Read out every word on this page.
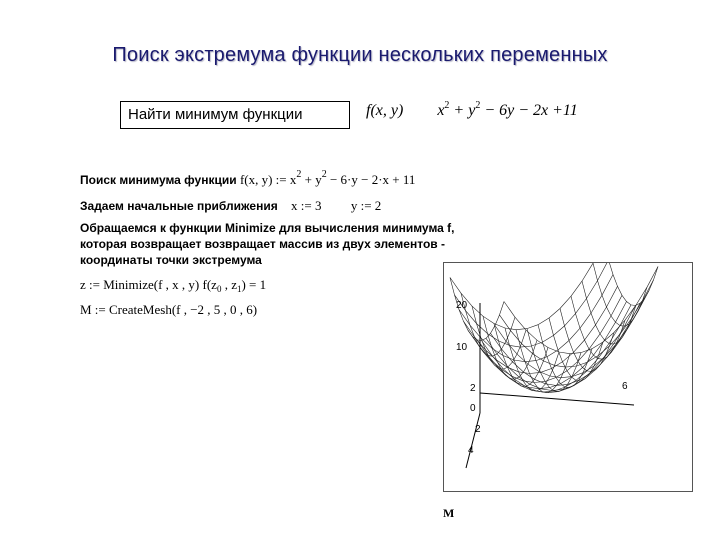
Поиск экстремума функции нескольких переменных
Найти минимум функции	f(x, y) $x^2 + y^2 - 6y - 2x +11$
Поиск минимума функции f(x, y) := $x^2 + y^2 - 6\cdot y - 2\cdot x + 11$
Задаем начальные приближения x := 3 y := 2
Обращаемся к функции Minimize для вычисления минимума f,
которая возвращает возвращает массив из двух элементов -
координаты точки экстремума
z := Minimize(f , x , y) $f(z_0$ , $z_1) = 1$
M := CreateMesh(f , −2 , 5 , 0 , 6)	20
10
2
0
2
4
6
M
